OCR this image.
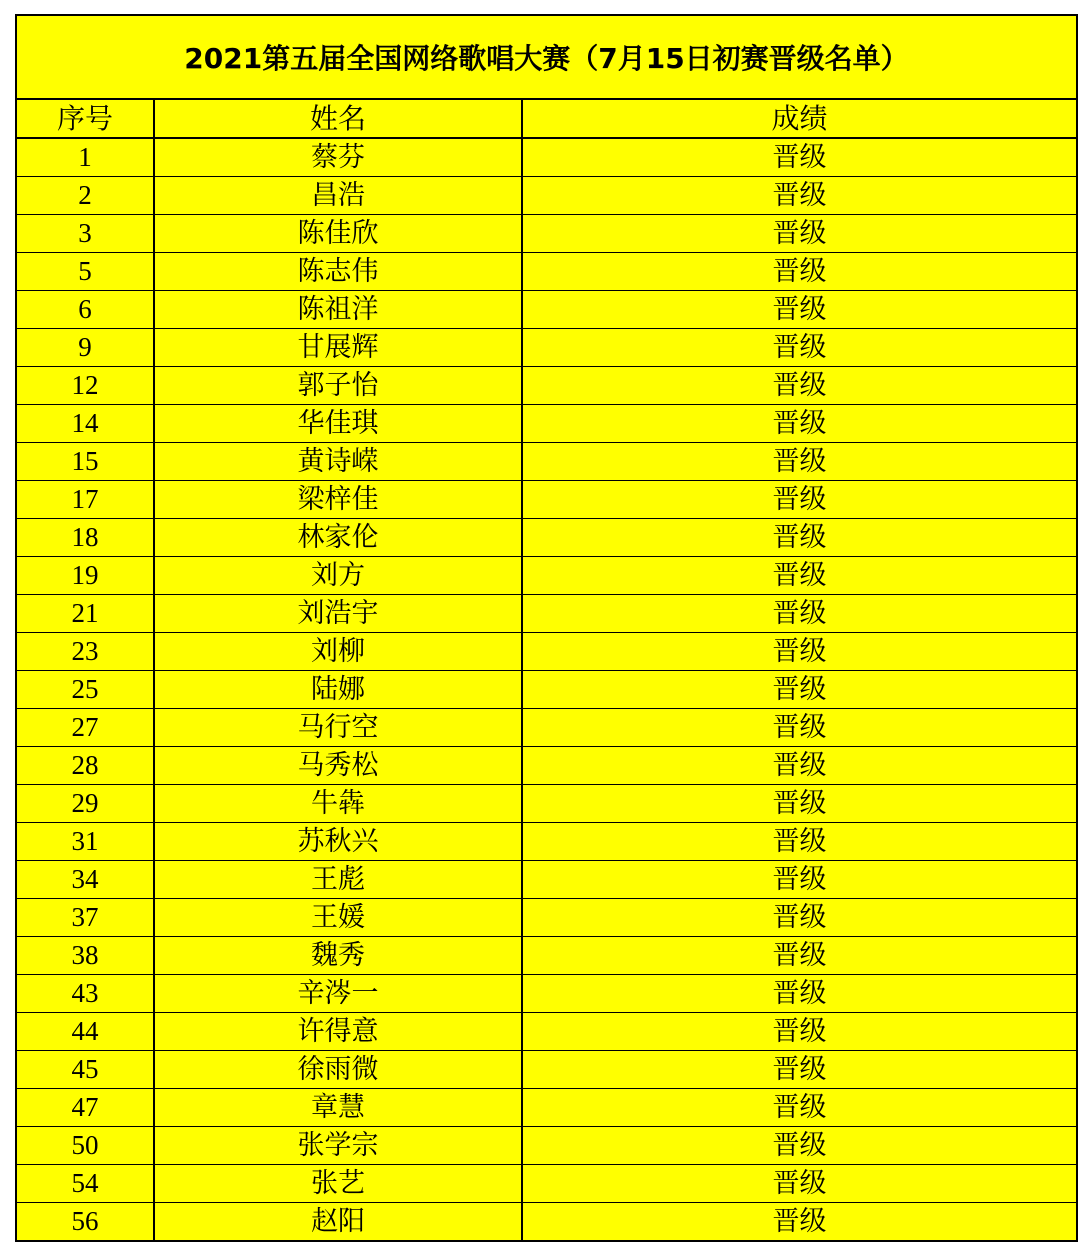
2021第五届全国网络歌唱大赛（7月15日初赛晋级名单）
序号	姓名	成绩
1	蔡芬	晋级
2	昌浩	晋级
3	陈佳欣	晋级
5	陈志伟	晋级
6	陈祖洋	晋级
9	甘展辉	晋级
12	郭子怡	晋级
14	华佳琪	晋级
15	黄诗嵘	晋级
17	梁梓佳	晋级
18	林家伦	晋级
19	刘方	晋级
21	刘浩宇	晋级
23	刘柳	晋级
25	陆娜	晋级
27	马行空	晋级
28	马秀松	晋级
29	牛犇	晋级
31	苏秋兴	晋级
34	王彪	晋级
37	王媛	晋级
38	魏秀	晋级
43	辛涔一	晋级
44	许得意	晋级
45	徐雨微	晋级
47	章慧	晋级
50	张学宗	晋级
54	张艺	晋级
56	赵阳	晋级
